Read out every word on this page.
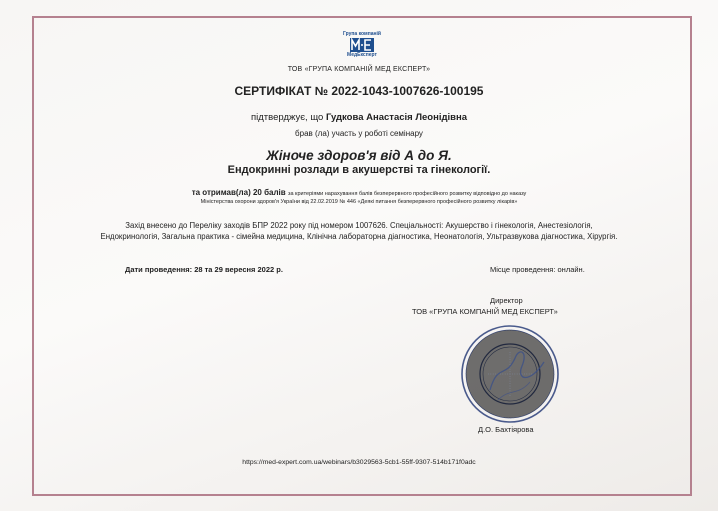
Група компаній
МедЕксперт
ТОВ «ГРУПА КОМПАНІЙ МЕД ЕКСПЕРТ»
СЕРТИФІКАТ № 2022-1043-1007626-100195
підтверджує, що Гудкова Анастасія Леонідівна
брав (ла) участь у роботі семінару
Жіноче здоров'я від А до Я.
Ендокринні розлади в акушерстві та гінекології.
та отримав(ла) 20 балів за критеріями нарахування балів безперервного професійного розвитку відповідно до наказу
Міністерства охорони здоров'я України від 22.02.2019 № 446 «Деякі питання безперервного професійного розвитку лікарів»
Захід внесено до Переліку заходів БПР 2022 року під номером 1007626. Спеціальності: Акушерство і гінекологія, Анестезіологія,
Ендокринологія, Загальна практика - сімейна медицина, Клінічна лабораторна діагностика, Неонатологія, Ультразвукова діагностика, Хірургія.
Дати проведення: 28 та 29 вересня 2022 р.	Місце проведення: онлайн.
Директор
ТОВ «ГРУПА КОМПАНІЙ МЕД ЕКСПЕРТ»
Д.О. Бахтіярова
https://med-expert.com.ua/webinars/b3029563-5cb1-55ff-9307-514b171f0adc
